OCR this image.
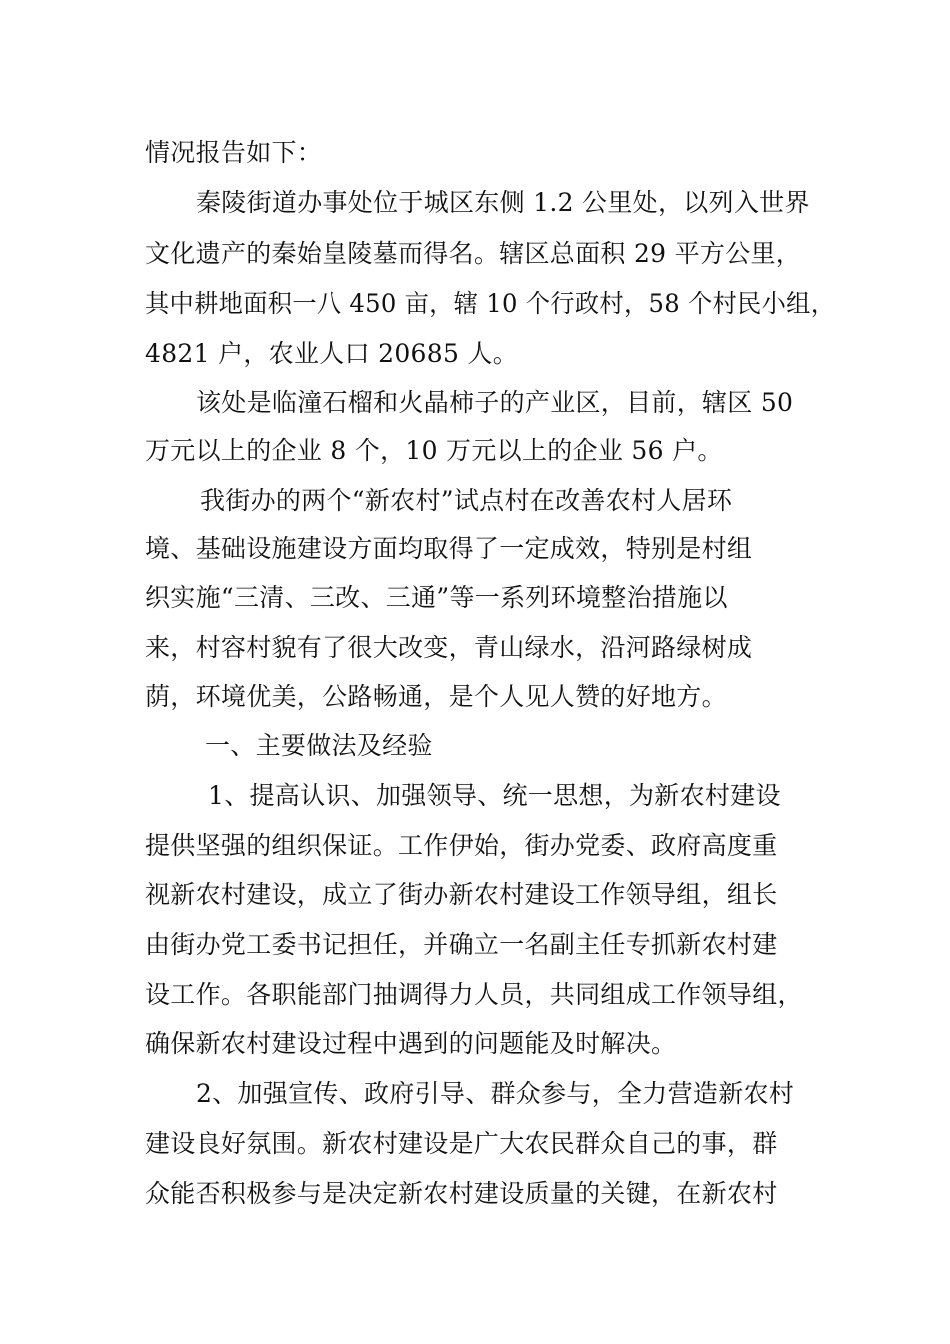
情况报告如下：
秦陵街道办事处位于城区东侧 1.2 公里处，以列入世界
文化遗产的秦始皇陵墓而得名。辖区总面积 29 平方公里，
其中耕地面积一八 450 亩，辖 10 个行政村，58 个村民小组，
4821 户，农业人口 20685 人。
该处是临潼石榴和火晶柿子的产业区，目前，辖区 50
万元以上的企业 8 个，10 万元以上的企业 56 户。
我街办的两个“新农村”试点村在改善农村人居环
境、基础设施建设方面均取得了一定成效，特别是村组
织实施“三清、三改、三通”等一系列环境整治措施以
来，村容村貌有了很大改变，青山绿水，沿河路绿树成
荫，环境优美，公路畅通，是个人见人赞的好地方。
一、主要做法及经验
1、提高认识、加强领导、统一思想，为新农村建设
提供坚强的组织保证。工作伊始，街办党委、政府高度重
视新农村建设，成立了街办新农村建设工作领导组，组长
由街办党工委书记担任，并确立一名副主任专抓新农村建
设工作。各职能部门抽调得力人员，共同组成工作领导组，
确保新农村建设过程中遇到的问题能及时解决。
2、加强宣传、政府引导、群众参与，全力营造新农村
建设良好氛围。新农村建设是广大农民群众自己的事，群
众能否积极参与是决定新农村建设质量的关键，在新农村
